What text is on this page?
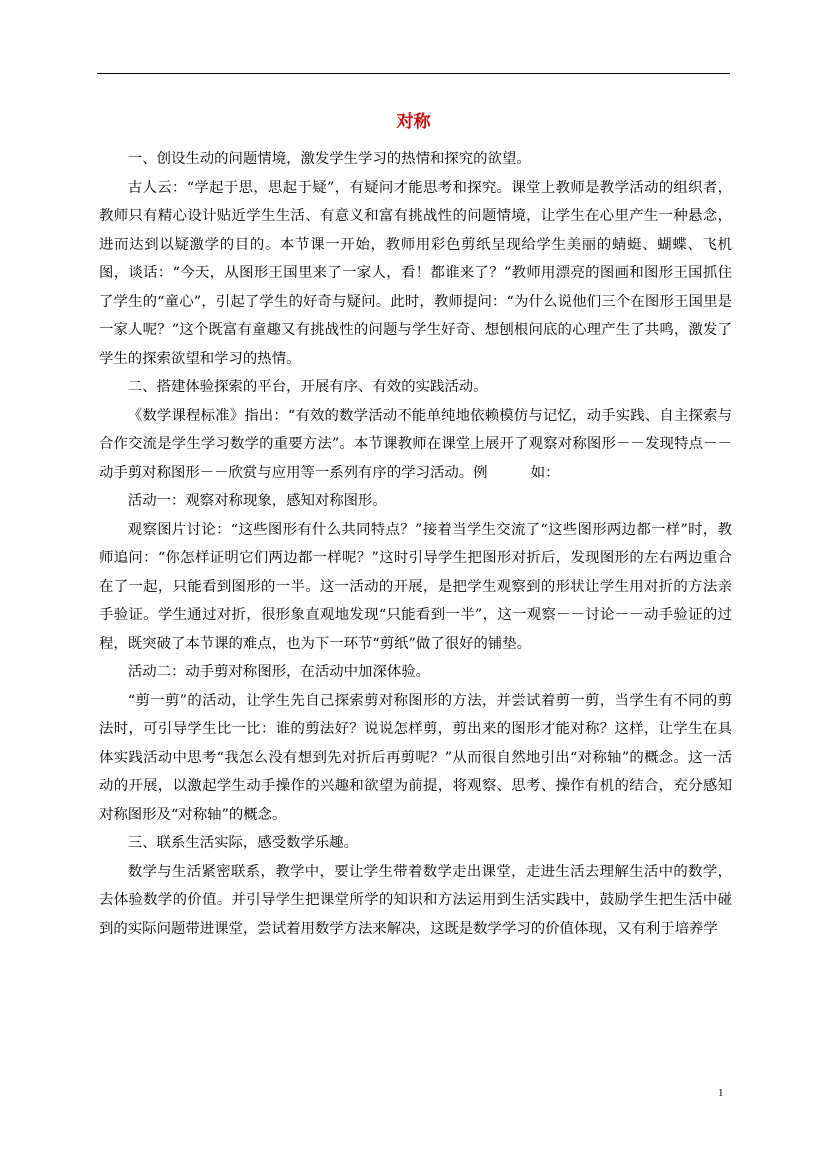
对称

一、创设生动的问题情境，激发学生学习的热情和探究的欲望。

古人云：“学起于思，思起于疑”，有疑问才能思考和探究。课堂上教师是教学活动的组织者，教师只有精心设计贴近学生生活、有意义和富有挑战性的问题情境，让学生在心里产生一种悬念，进而达到以疑激学的目的。本节课一开始，教师用彩色剪纸呈现给学生美丽的蜻蜓、蝴蝶、飞机图，谈话：“今天，从图形王国里来了一家人，看！都谁来了？”教师用漂亮的图画和图形王国抓住了学生的“童心”，引起了学生的好奇与疑问。此时，教师提问：“为什么说他们三个在图形王国里是一家人呢？”这个既富有童趣又有挑战性的问题与学生好奇、想刨根问底的心理产生了共鸣，激发了学生的探索欲望和学习的热情。

二、搭建体验探索的平台，开展有序、有效的实践活动。

《数学课程标准》指出：“有效的数学活动不能单纯地依赖模仿与记忆，动手实践、自主探索与合作交流是学生学习数学的重要方法”。本节课教师在课堂上展开了观察对称图形－－发现特点－－动手剪对称图形－－欣赏与应用等一系列有序的学习活动。例　　　如：

活动一：观察对称现象，感知对称图形。

观察图片讨论：“这些图形有什么共同特点？”接着当学生交流了“这些图形两边都一样”时，教师追问：“你怎样证明它们两边都一样呢？”这时引导学生把图形对折后，发现图形的左右两边重合在了一起，只能看到图形的一半。这一活动的开展，是把学生观察到的形状让学生用对折的方法亲手验证。学生通过对折，很形象直观地发现“只能看到一半”，这一观察－－讨论－－动手验证的过程，既突破了本节课的难点，也为下一环节“剪纸”做了很好的铺垫。

活动二：动手剪对称图形，在活动中加深体验。

“剪一剪”的活动，让学生先自己探索剪对称图形的方法，并尝试着剪一剪，当学生有不同的剪法时，可引导学生比一比：谁的剪法好？说说怎样剪，剪出来的图形才能对称？这样，让学生在具体实践活动中思考“我怎么没有想到先对折后再剪呢？”从而很自然地引出“对称轴”的概念。这一活动的开展，以激起学生动手操作的兴趣和欲望为前提，将观察、思考、操作有机的结合，充分感知对称图形及“对称轴”的概念。

三、联系生活实际，感受数学乐趣。

数学与生活紧密联系，教学中，要让学生带着数学走出课堂，走进生活去理解生活中的数学，去体验数学的价值。并引导学生把课堂所学的知识和方法运用到生活实践中，鼓励学生把生活中碰到的实际问题带进课堂，尝试着用数学方法来解决，这既是数学学习的价值体现，又有利于培养学

1
